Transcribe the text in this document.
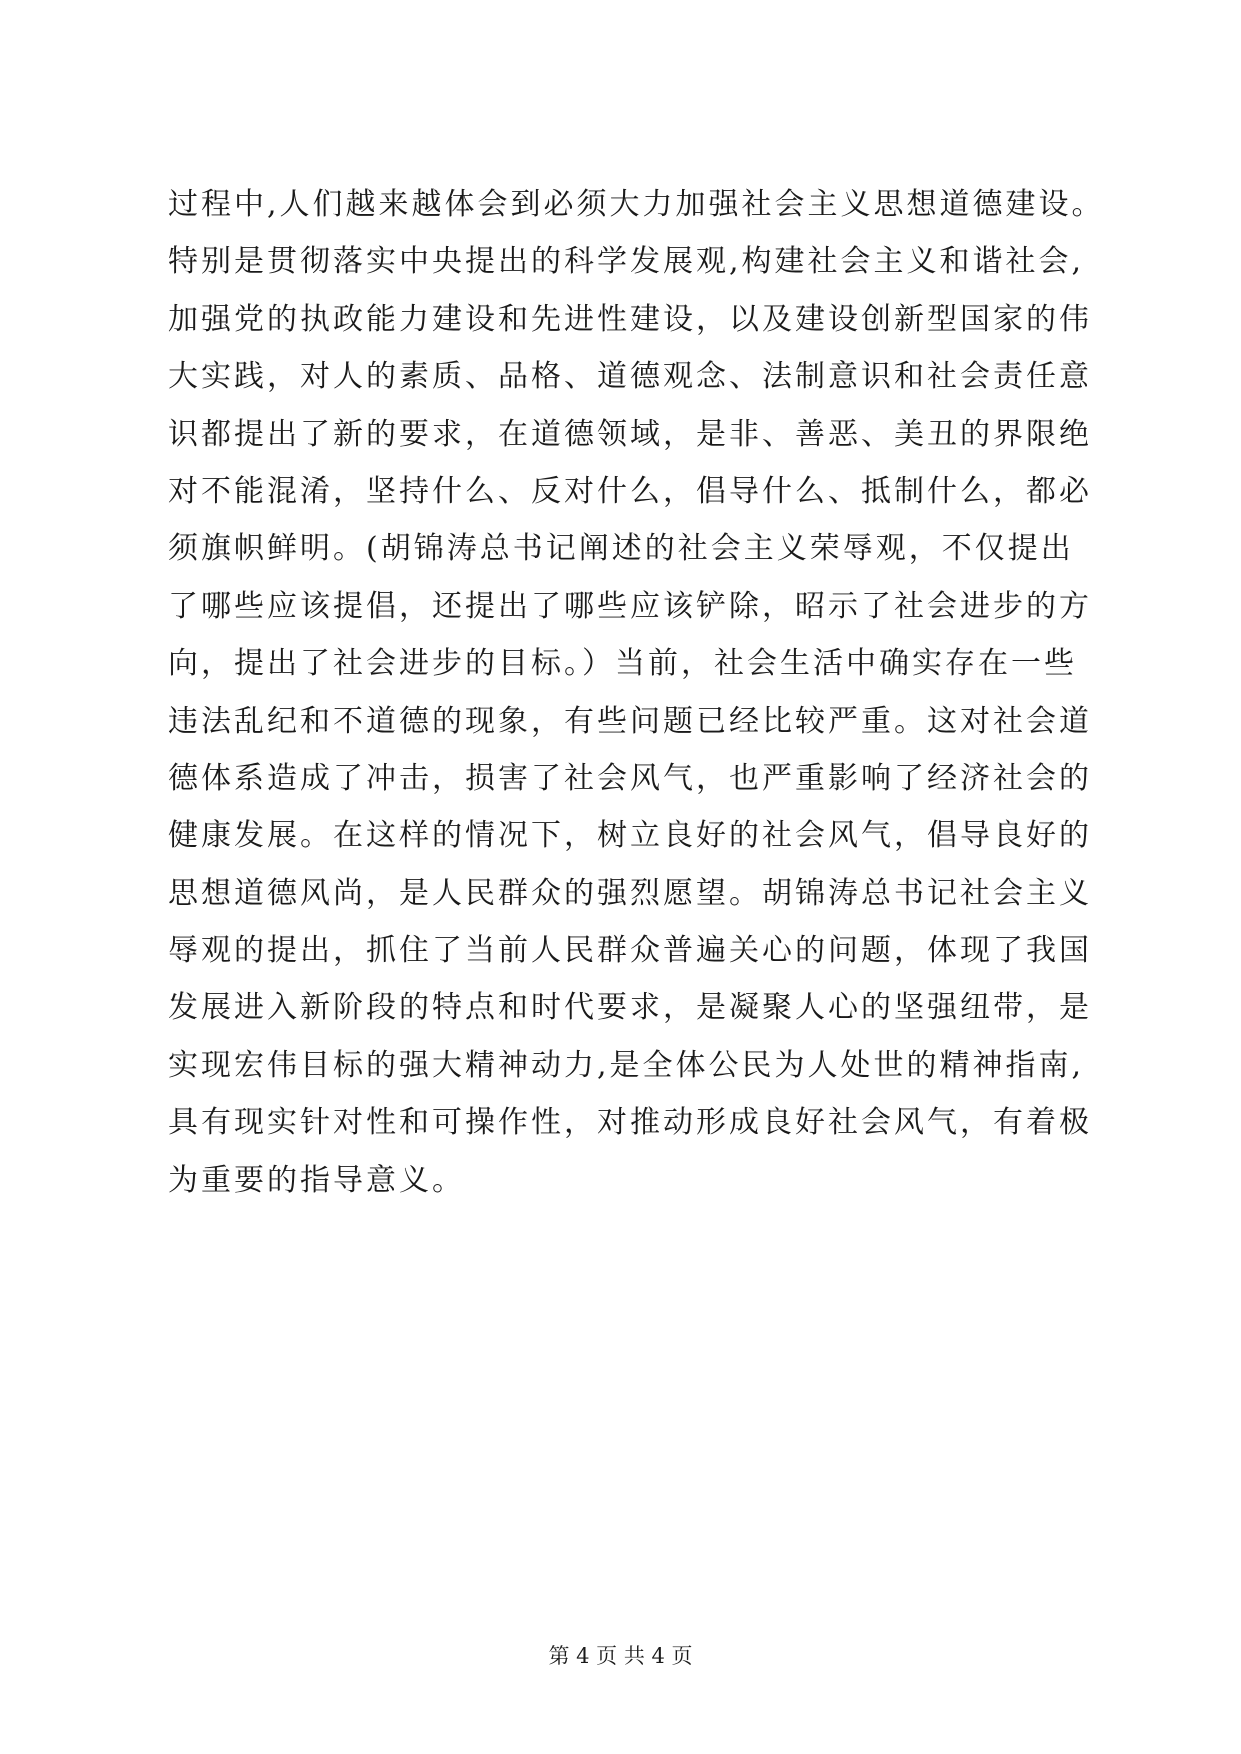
过程中,人们越来越体会到必须大力加强社会主义思想道德建设。
特别是贯彻落实中央提出的科学发展观,构建社会主义和谐社会,
加强党的执政能力建设和先进性建设，以及建设创新型国家的伟
大实践，对人的素质、品格、道德观念、法制意识和社会责任意
识都提出了新的要求，在道德领域，是非、善恶、美丑的界限绝
对不能混淆，坚持什么、反对什么，倡导什么、抵制什么，都必
须旗帜鲜明。(胡锦涛总书记阐述的社会主义荣辱观，不仅提出
了哪些应该提倡，还提出了哪些应该铲除，昭示了社会进步的方
向，提出了社会进步的目标。）当前，社会生活中确实存在一些
违法乱纪和不道德的现象，有些问题已经比较严重。这对社会道
德体系造成了冲击，损害了社会风气，也严重影响了经济社会的
健康发展。在这样的情况下，树立良好的社会风气，倡导良好的
思想道德风尚，是人民群众的强烈愿望。胡锦涛总书记社会主义
辱观的提出，抓住了当前人民群众普遍关心的问题，体现了我国
发展进入新阶段的特点和时代要求，是凝聚人心的坚强纽带，是
实现宏伟目标的强大精神动力,是全体公民为人处世的精神指南,
具有现实针对性和可操作性，对推动形成良好社会风气，有着极
为重要的指导意义。
第 4 页 共 4 页
